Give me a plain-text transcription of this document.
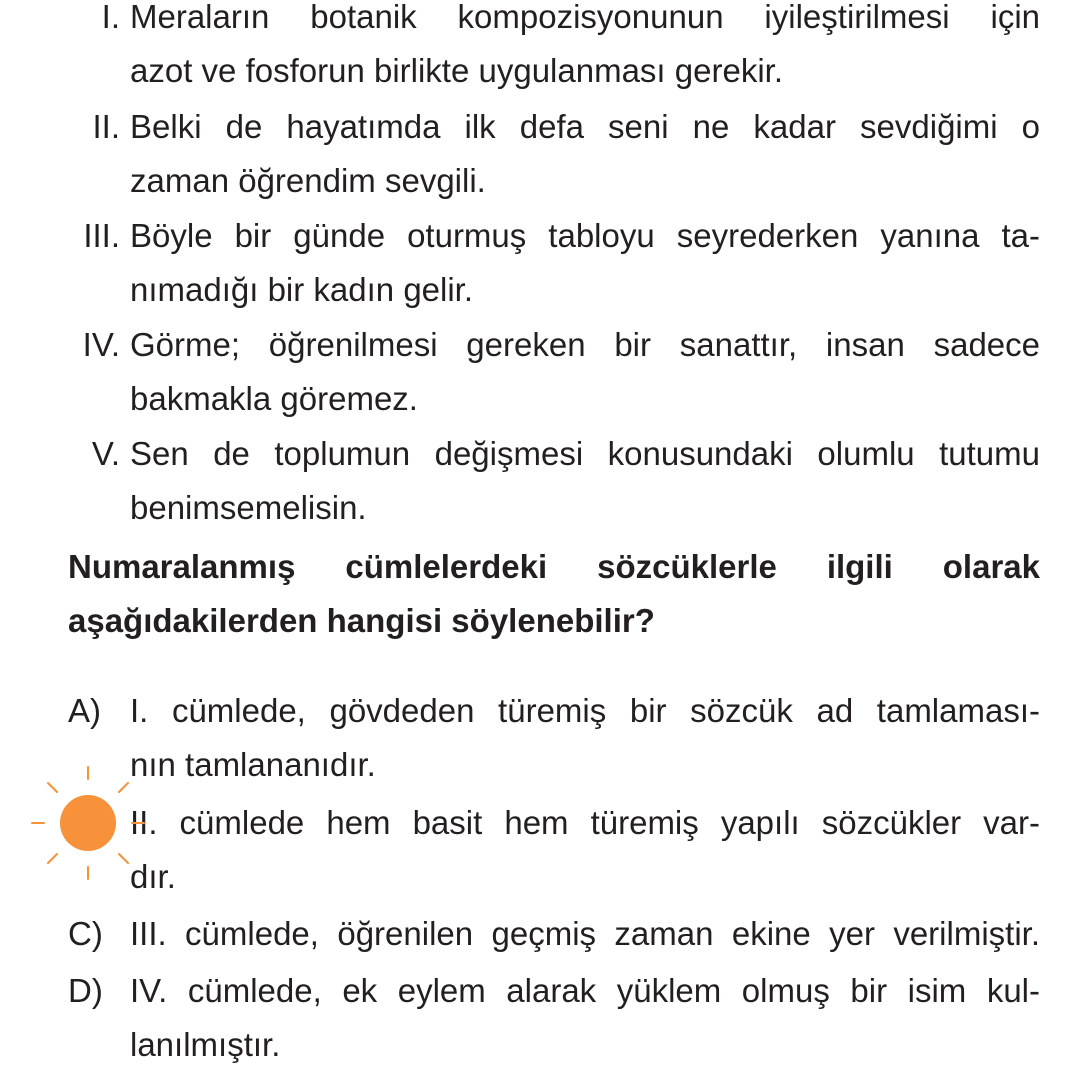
I. Meraların botanik kompozisyonunun iyileştirilmesi için
azot ve fosforun birlikte uygulanması gerekir.
II. Belki de hayatımda ilk defa seni ne kadar sevdiğimi o
zaman öğrendim sevgili.
III. Böyle bir günde oturmuş tabloyu seyrederken yanına ta-
nımadığı bir kadın gelir.
IV. Görme; öğrenilmesi gereken bir sanattır, insan sadece
bakmakla göremez.
V. Sen de toplumun değişmesi konusundaki olumlu tutumu
benimsemelisin.
Numaralanmış cümlelerdeki sözcüklerle ilgili olarak
aşağıdakilerden hangisi söylenebilir?
A) I. cümlede, gövdeden türemiş bir sözcük ad tamlaması-
nın tamlananıdır.
II. cümlede hem basit hem türemiş yapılı sözcükler var-
dır.
C) III. cümlede, öğrenilen geçmiş zaman ekine yer verilmiştir.
D) IV. cümlede, ek eylem alarak yüklem olmuş bir isim kul-
lanılmıştır.
